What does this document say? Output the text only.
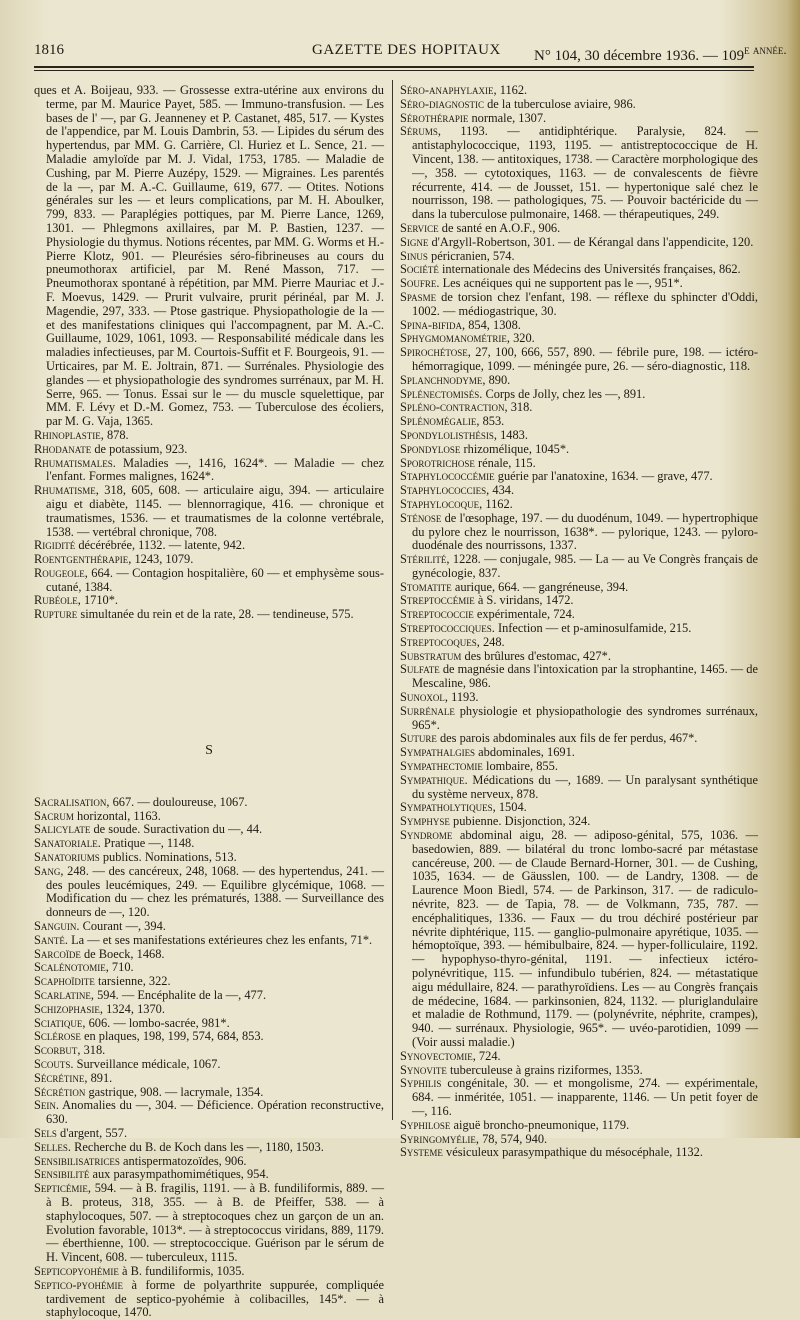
1816	GAZETTE DES HOPITAUX N° 104, 30 décembre 1936. — $109^{e année.}$

ques et A. Boijeau, 933. — Grossesse extra-utérine aux environs du terme, par M. Maurice Payet, 585. — Immuno-transfusion. — Les bases de l' —, par G. Jeanneney et P. Castanet, 485, 517. — Kystes de l'appendice, par M. Louis Dambrin, 53. — Lipides du sérum des hypertendus, par MM. G. Carrière, Cl. Huriez et L. Sence, 21. — Maladie amyloïde par M. J. Vidal, 1753, 1785. — Maladie de Cushing, par M. Pierre Auzépy, 1529. — Migraines. Les parentés de la —, par M. A.-C. Guillaume, 619, 677. — Otites. Notions générales sur les — et leurs complications, par M. H. Aboulker, 799, 833. — Paraplégies pottiques, par M. Pierre Lance, 1269, 1301. — Phlegmons axillaires, par M. P. Bastien, 1237. — Physiologie du thymus. Notions récentes, par MM. G. Worms et H.-Pierre Klotz, 901. — Pleurésies séro-fibrineuses au cours du pneumothorax artificiel, par M. René Masson, 717. — Pneumothorax spontané à répétition, par MM. Pierre Mauriac et J.-F. Moevus, 1429. — Prurit vulvaire, prurit périnéal, par M. J. Magendie, 297, 333. — Ptose gastrique. Physiopathologie de la — et des manifestations cliniques qui l'accompagnent, par M. A.-C. Guillaume, 1029, 1061, 1093. — Responsabilité médicale dans les maladies infectieuses, par M. Courtois-Suffit et F. Bourgeois, 91. — Urticaires, par M. E. Joltrain, 871. — Surrénales. Physiologie des glandes — et physiopathologie des syndromes surrénaux, par M. H. Serre, 965. — Tonus. Essai sur le — du muscle squelettique, par MM. F. Lévy et D.-M. Gomez, 753. — Tuberculose des écoliers, par M. G. Vaja, 1365.

Rhinoplastie, 878.

Rhodanate de potassium, 923.

Rhumatismales. Maladies —, 1416, 1624*. — Maladie — chez l'enfant. Formes malignes, 1624*.

Rhumatisme, 318, 605, 608. — articulaire aigu, 394. — articulaire aigu et diabète, 1145. — blennorragique, 416. — chronique et traumatismes, 1536. — et traumatismes de la colonne vertébrale, 1538. — vertébral chronique, 708.

Rigidité décérébrée, 1132. — latente, 942.

Roentgenthérapie, 1243, 1079.

Rougeole, 664. — Contagion hospitalière, 60 — et emphysème sous-cutané, 1384.

Rubéole, 1710*.

Rupture simultanée du rein et de la rate, 28. — tendineuse, 575.

S

Sacralisation, 667. — douloureuse, 1067.

Sacrum horizontal, 1163.

Salicylate de soude. Suractivation du —, 44.

Sanatoriale. Pratique —, 1148.

Sanatoriums publics. Nominations, 513.

Sang, 248. — des cancéreux, 248, 1068. — des hypertendus, 241. — des poules leucémiques, 249. — Equilibre glycémique, 1068. — Modification du — chez les prématurés, 1388. — Surveillance des donneurs de —, 120.

Sanguin. Courant —, 394.

Santé. La — et ses manifestations extérieures chez les enfants, 71*.

Sarcoïde de Boeck, 1468.

Scalénotomie, 710.

Scaphoïdite tarsienne, 322.

Scarlatine, 594. — Encéphalite de la —, 477.

Schizophasie, 1324, 1370.

Sciatique, 606. — lombo-sacrée, 981*.

Sclérose en plaques, 198, 199, 574, 684, 853.

Scorbut, 318.

Scouts. Surveillance médicale, 1067.

Sécrétine, 891.

Sécrétion gastrique, 908. — lacrymale, 1354.

Sein. Anomalies du —, 304. — Déficience. Opération reconstructive, 630.

Sels d'argent, 557.

Selles. Recherche du B. de Koch dans les —, 1180, 1503.

Sensibilisatrices antispermatozoïdes, 906.

Sensibilité aux parasympathomimétiques, 954.

Septicémie, 594. — à B. fragilis, 1191. — à B. fundiliformis, 889. — à B. proteus, 318, 355. — à B. de Pfeiffer, 538. — à staphylocoques, 507. — à streptocoques chez un garçon de un an. Evolution favorable, 1013*. — à streptococcus viridans, 889, 1179. — éberthienne, 100. — streptococcique. Guérison par le sérum de H. Vincent, 608. — tuberculeux, 1115.

Septicopyohémie à B. fundiliformis, 1035.

Septico-pyohémie à forme de polyarthrite suppurée, compliquée tardivement de septico-pyohémie à colibacilles, 145*. — à staphylocoque, 1470.

Séro-anaphylaxie, 1162.

Séro-diagnostic de la tuberculose aviaire, 986.

Sérothérapie normale, 1307.

Sérums, 1193. — antidiphtérique. Paralysie, 824. — antistaphylococcique, 1193, 1195. — antistreptococcique de H. Vincent, 138. — antitoxiques, 1738. — Caractère morphologique des —, 358. — cytotoxiques, 1163. — de convalescents de fièvre récurrente, 414. — de Jousset, 151. — hypertonique salé chez le nourrisson, 198. — pathologiques, 75. — Pouvoir bactéricide du — dans la tuberculose pulmonaire, 1468. — thérapeutiques, 249.

Service de santé en A.O.F., 906.

Signe d'Argyll-Robertson, 301. — de Kérangal dans l'appendicite, 120.

Sinus péricranien, 574.

Société internationale des Médecins des Universités françaises, 862.

Soufre. Les acnéiques qui ne supportent pas le —, 951*.

Spasme de torsion chez l'enfant, 198. — réflexe du sphincter d'Oddi, 1002. — médiogastrique, 30.

Spina-bifida, 854, 1308.

Sphygmomanométrie, 320.

Spirochétose, 27, 100, 666, 557, 890. — fébrile pure, 198. — ictéro-hémorragique, 1099. — méningée pure, 26. — séro-diagnostic, 118.

Splanchnodyme, 890.

Splénectomisés. Corps de Jolly, chez les —, 891.

Spléno-contraction, 318.

Splénomégalie, 853.

Spondylolisthésis, 1483.

Spondylose rhizomélique, 1045*.

Sporotrichose rénale, 115.

Staphylococcémie guérie par l'anatoxine, 1634. — grave, 477.

Staphylococcies, 434.

Staphylocoque, 1162.

Sténose de l'œsophage, 197. — du duodénum, 1049. — hypertrophique du pylore chez le nourrisson, 1638*. — pylorique, 1243. — pyloro-duodénale des nourrissons, 1337.

Stérilité, 1228. — conjugale, 985. — La — au Ve Congrès français de gynécologie, 837.

Stomatite aurique, 664. — gangréneuse, 394.

Streptoccémie à S. viridans, 1472.

Streptococcie expérimentale, 724.

Streptococciques. Infection — et p-aminosulfamide, 215.

Streptocoques, 248.

Substratum des brûlures d'estomac, 427*.

Sulfate de magnésie dans l'intoxication par la strophantine, 1465. — de Mescaline, 986.

Sunoxol, 1193.

Surrénale physiologie et physiopathologie des syndromes surrénaux, 965*.

Suture des parois abdominales aux fils de fer perdus, 467*.

Sympathalgies abdominales, 1691.

Sympathectomie lombaire, 855.

Sympathique. Médications du —, 1689. — Un paralysant synthétique du système nerveux, 878.

Sympatholytiques, 1504.

Symphyse pubienne. Disjonction, 324.

Syndrome abdominal aigu, 28. — adiposo-génital, 575, 1036. — basedowien, 889. — bilatéral du tronc lombo-sacré par métastase cancéreuse, 200. — de Claude Bernard-Horner, 301. — de Cushing, 1035, 1634. — de Gäusslen, 100. — de Landry, 1308. — de Laurence Moon Biedl, 574. — de Parkinson, 317. — de radiculo-névrite, 823. — de Tapia, 78. — de Volkmann, 735, 787. — encéphalitiques, 1336. — Faux — du trou déchiré postérieur par névrite diphtérique, 115. — ganglio-pulmonaire apyrétique, 1035. — hémoptoïque, 393. — hémibulbaire, 824. — hyper-folliculaire, 1192. — hypophyso-thyro-génital, 1191. — infectieux ictéro-polynévritique, 115. — infundibulo tubérien, 824. — métastatique aigu médullaire, 824. — parathyroïdiens. Les — au Congrès français de médecine, 1684. — parkinsonien, 824, 1132. — pluriglandulaire et maladie de Rothmund, 1179. — (polynévrite, néphrite, crampes), 940. — surrénaux. Physiologie, 965*. — uvéo-parotidien, 1099 — (Voir aussi maladie.)

Synovectomie, 724.

Synovite tuberculeuse à grains riziformes, 1353.

Syphilis congénitale, 30. — et mongolisme, 274. — expérimentale, 684. — inméritée, 1051. — inapparente, 1146. — Un petit foyer de —, 116.

Syphilose aiguë broncho-pneumonique, 1179.

Syringomyélie, 78, 574, 940.

Systeme vésiculeux parasympathique du mésocéphale, 1132.
